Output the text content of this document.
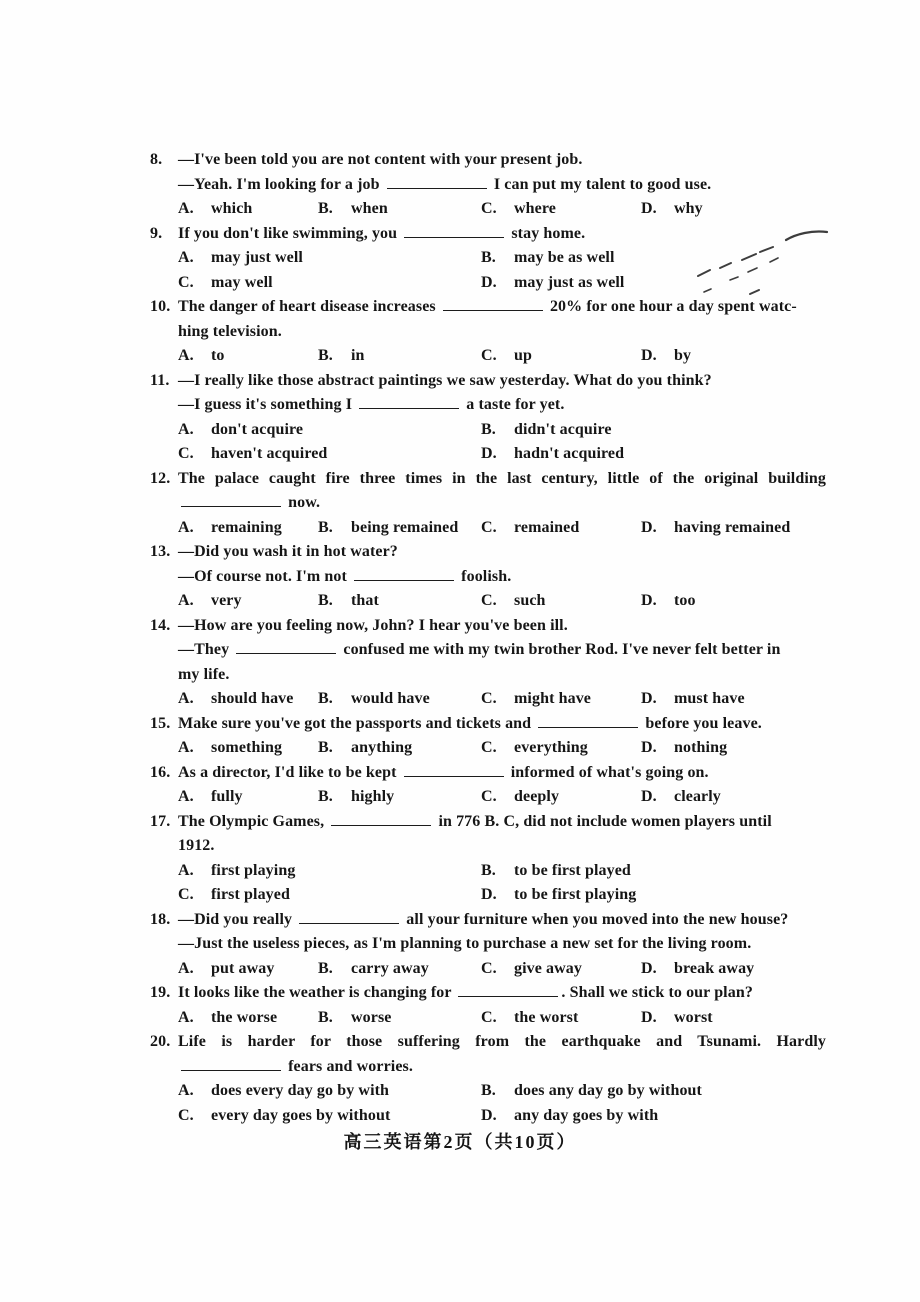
8. —I've been told you are not content with your present job.
—Yeah. I'm looking for a job	I can put my talent to good use.
A. which	B. when	C. where	D. why
9. If you don't like swimming, you	stay home.
A. may just well	B. may be as well
C. may well	D. may just as well
10. The danger of heart disease increases	20% for one hour a day spent watc-
hing television.
A. to	B. in	C. up	D. by
11. —I really like those abstract paintings we saw yesterday. What do you think?
—I guess it's something I	a taste for yet.
A. don't acquire	B. didn't acquire
C. haven't acquired	D. hadn't acquired
12. The palace caught fire three times in the last century, little of the original building
now.
A. remaining	B. being remained	C. remained	D. having remained
13. —Did you wash it in hot water?
—Of course not. I'm not	foolish.
A. very	B. that	C. such	D. too
14. —How are you feeling now, John? I hear you've been ill.
—They	confused me with my twin brother Rod. I've never felt better in
my life.
A. should have	B. would have	C. might have	D. must have
15. Make sure you've got the passports and tickets and	before you leave.
A. something	B. anything	C. everything	D. nothing
16. As a director, I'd like to be kept	informed of what's going on.
A. fully	B. highly	C. deeply	D. clearly
17. The Olympic Games,	in 776 B. C, did not include women players until
1912.
A. first playing	B. to be first played
C. first played	D. to be first playing
18. —Did you really	all your furniture when you moved into the new house?
—Just the useless pieces, as I'm planning to purchase a new set for the living room.
A. put away	B. carry away	C. give away	D. break away
19. It looks like the weather is changing for	. Shall we stick to our plan?
A. the worse	B. worse	C. the worst	D. worst
20. Life is harder for those suffering from the earthquake and Tsunami. Hardly
fears and worries.
A. does every day go by with	B. does any day go by without
C. every day goes by without	D. any day goes by with
高三英语第2页（共10页）
